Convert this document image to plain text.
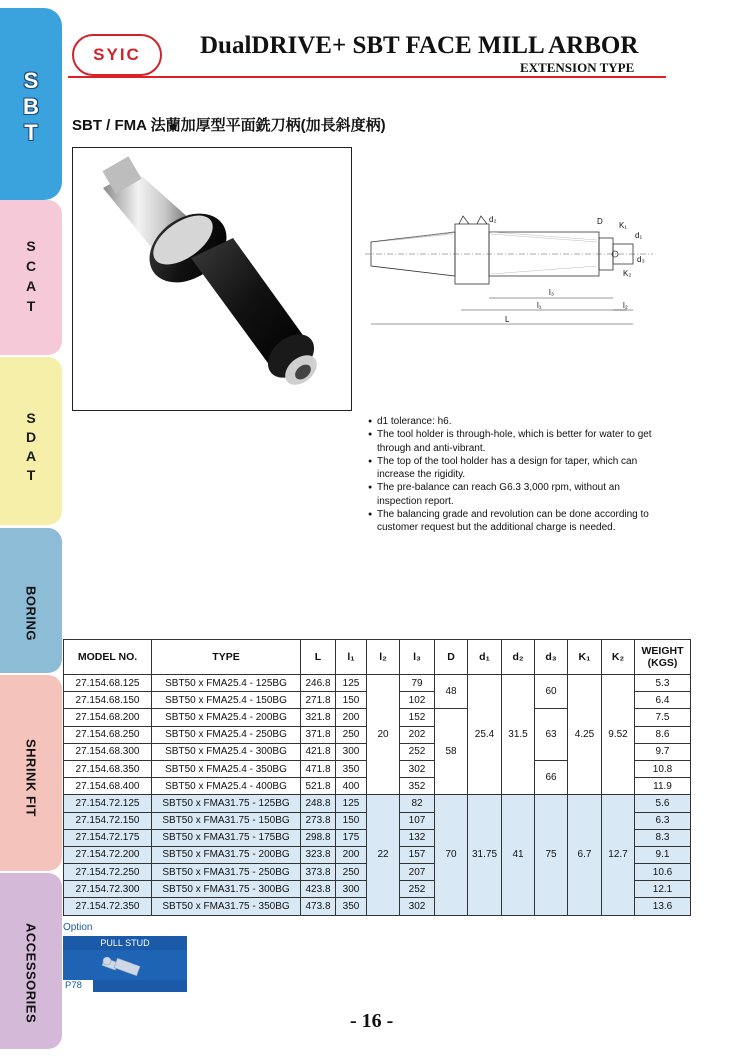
S
B
T
S
C
A
T
S
D
A
T
BORING
SHRINK FIT
ACCESSORIES
SYIC DualDRIVE+ SBT FACE MILL ARBOR
EXTENSION TYPE
SBT / FMA 法蘭加厚型平面銑刀柄(加長斜度柄)
d₂	D K₁
d₁
d₃
K₂
l₃
l₁	l₂
L
● d1 tolerance: h6.
● The tool holder is through-hole, which is better for water to get through and anti-vibrant.
● The top of the tool holder has a design for taper, which can increase the rigidity.
● The pre-balance can reach G6.3 3,000 rpm, without an inspection report.
● The balancing grade and revolution can be done according to customer request but the additional charge is needed.
MODEL NO.	TYPE	L	l₁	l₂	l₃	D	d₁	d₂	d₃	K₁	K₂	WEIGHT
(KGS)
27.154.68.125	SBT50 x FMA25.4 - 125BG	246.8	125	20	79	48	25.4	31.5	60	4.25	9.52	5.3
27.154.68.150	SBT50 x FMA25.4 - 150BG	271.8	150		102							6.4
27.154.68.200	SBT50 x FMA25.4 - 200BG	321.8	200		152	58			63			7.5
27.154.68.250	SBT50 x FMA25.4 - 250BG	371.8	250		202							8.6
27.154.68.300	SBT50 x FMA25.4 - 300BG	421.8	300		252							9.7
27.154.68.350	SBT50 x FMA25.4 - 350BG	471.8	350		302				66			10.8
27.154.68.400	SBT50 x FMA25.4 - 400BG	521.8	400		352							11.9
27.154.72.125	SBT50 x FMA31.75 - 125BG	248.8	125	22	82	70	31.75	41	75	6.7	12.7	5.6
27.154.72.150	SBT50 x FMA31.75 - 150BG	273.8	150		107							6.3
27.154.72.175	SBT50 x FMA31.75 - 175BG	298.8	175		132							8.3
27.154.72.200	SBT50 x FMA31.75 - 200BG	323.8	200		157							9.1
27.154.72.250	SBT50 x FMA31.75 - 250BG	373.8	250		207							10.6
27.154.72.300	SBT50 x FMA31.75 - 300BG	423.8	300		252							12.1
27.154.72.350	SBT50 x FMA31.75 - 350BG	473.8	350		302							13.6
Option
PULL STUD
P78
- 16 -
